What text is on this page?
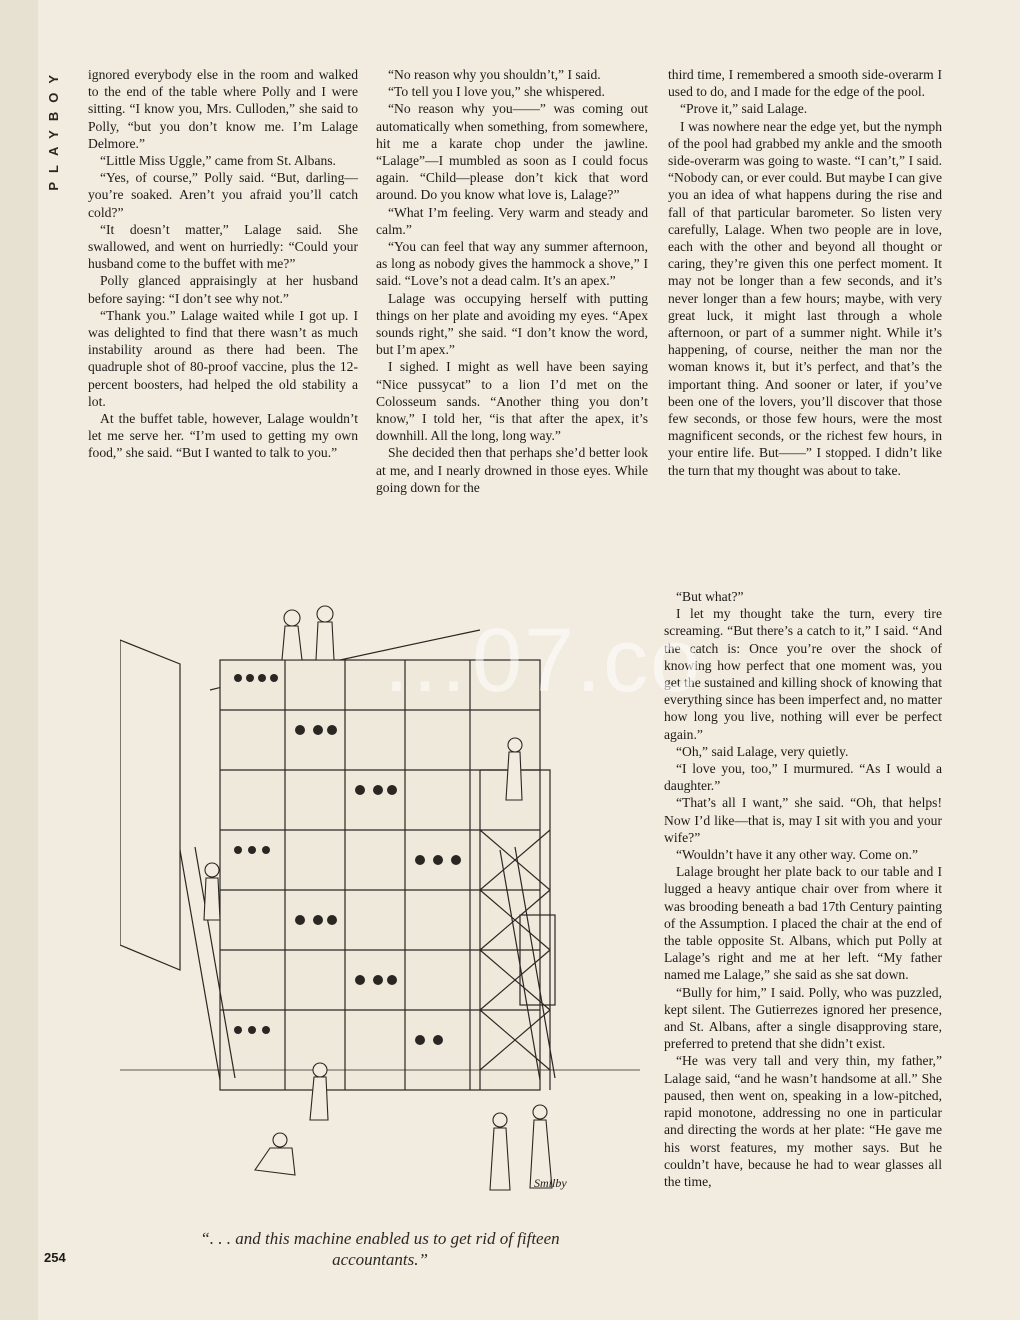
PLAYBOY ignored everybody else in the room and walked to the end of the table where Polly and I were sitting. “I know you, Mrs. Culloden,” she said to Polly, “but you don’t know me. I’m Lalage Delmore.”

“Little Miss Uggle,” came from St. Albans.

“Yes, of course,” Polly said. “But, darling—you’re soaked. Aren’t you afraid you’ll catch cold?”

“It doesn’t matter,” Lalage said. She swallowed, and went on hurriedly: “Could your husband come to the buffet with me?”

Polly glanced appraisingly at her husband before saying: “I don’t see why not.”

“Thank you.” Lalage waited while I got up. I was delighted to find that there wasn’t as much instability around as there had been. The quadruple shot of 80-proof vaccine, plus the 12-percent boosters, had helped the old stability a lot.

At the buffet table, however, Lalage wouldn’t let me serve her. “I’m used to getting my own food,” she said. “But I wanted to talk to you.”

“No reason why you shouldn’t,” I said.

“To tell you I love you,” she whispered.

“No reason why you——” was coming out automatically when something, from somewhere, hit me a karate chop under the jawline. “Lalage”—I mumbled as soon as I could focus again. “Child—please don’t kick that word around. Do you know what love is, Lalage?”

“What I’m feeling. Very warm and steady and calm.”

“You can feel that way any summer afternoon, as long as nobody gives the hammock a shove,” I said. “Love’s not a dead calm. It’s an apex.”

Lalage was occupying herself with putting things on her plate and avoiding my eyes. “Apex sounds right,” she said. “I don’t know the word, but I’m apex.”

I sighed. I might as well have been saying “Nice pussycat” to a lion I’d met on the Colosseum sands. “Another thing you don’t know,” I told her, “is that after the apex, it’s downhill. All the long, long way.”

She decided then that perhaps she’d better look at me, and I nearly drowned in those eyes. While going down for the

third time, I remembered a smooth side-overarm I used to do, and I made for the edge of the pool.

“Prove it,” said Lalage.

I was nowhere near the edge yet, but the nymph of the pool had grabbed my ankle and the smooth side-overarm was going to waste. “I can’t,” I said. “Nobody can, or ever could. But maybe I can give you an idea of what happens during the rise and fall of that particular barometer. So listen very carefully, Lalage. When two people are in love, each with the other and beyond all thought or caring, they’re given this one perfect moment. It may not be longer than a few seconds, and it’s never longer than a few hours; maybe, with very great luck, it might last through a whole afternoon, or part of a summer night. While it’s happening, of course, neither the man nor the woman knows it, but it’s perfect, and that’s the important thing. And sooner or later, if you’ve been one of the lovers, you’ll discover that those few seconds, or those few hours, were the most magnificent seconds, or the richest few hours, in your entire life. But——” I stopped. I didn’t like the turn that my thought was about to take.

“But what?”

I let my thought take the turn, every tire screaming. “But there’s a catch to it,” I said. “And the catch is: Once you’re over the shock of knowing how perfect that one moment was, you get the sustained and killing shock of knowing that everything since has been imperfect and, no matter how long you live, nothing will ever be perfect again.”

“Oh,” said Lalage, very quietly.

“I love you, too,” I murmured. “As I would a daughter.”

“That’s all I want,” she said. “Oh, that helps! Now I’d like—that is, may I sit with you and your wife?”

“Wouldn’t have it any other way. Come on.”

Lalage brought her plate back to our table and I lugged a heavy antique chair over from where it was brooding beneath a bad 17th Century painting of the Assumption. I placed the chair at the end of the table opposite St. Albans, which put Polly at Lalage’s right and me at her left. “My father named me Lalage,” she said as she sat down.

“Bully for him,” I said. Polly, who was puzzled, kept silent. The Gutierrezes ignored her presence, and St. Albans, after a single disapproving stare, preferred to pretend that she didn’t exist.

“He was very tall and very thin, my father,” Lalage said, “and he wasn’t handsome at all.” She paused, then went on, speaking in a low-pitched, rapid monotone, addressing no one in particular and directing the words at her plate: “He gave me his worst features, my mother says. But he couldn’t have, because he had to wear glasses all the time,

Smilby
…07.co
“. . . and this machine enabled us to get rid of fifteen accountants.”
254
